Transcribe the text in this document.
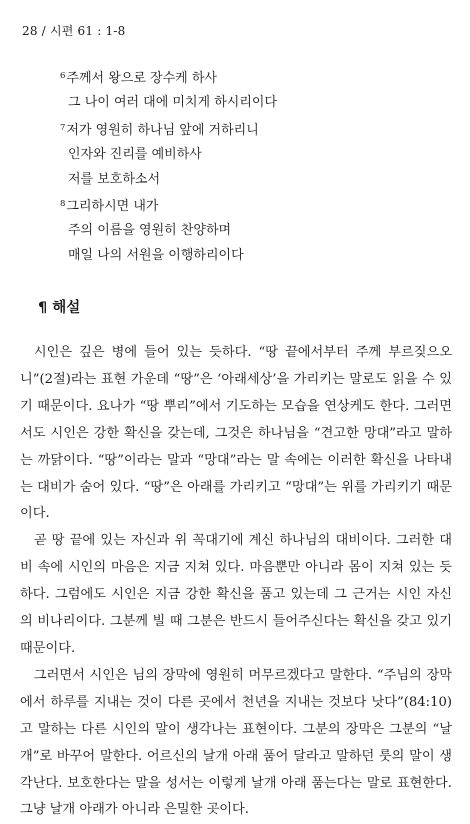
28 / 시편 61 : 1-8
$^6$주께서 왕으로 장수케 하사
그 나이 여러 대에 미치게 하시리이다
$^7$저가 영원히 하나님 앞에 거하리니
인자와 진리를 예비하사
저를 보호하소서
$^8$그리하시면 내가
주의 이름을 영원히 찬양하며
매일 나의 서원을 이행하리이다
¶ 해설

시인은 깊은 병에 들어 있는 듯하다. “땅 끝에서부터 주께 부르짖으오니”(2절)라는 표현 가운데 “땅”은 ‘아래세상’을 가리키는 말로도 읽을 수 있기 때문이다. 요나가 “땅 뿌리”에서 기도하는 모습을 연상케도 한다. 그러면서도 시인은 강한 확신을 갖는데, 그것은 하나님을 “견고한 망대”라고 말하는 까닭이다. “땅”이라는 말과 “망대”라는 말 속에는 이러한 확신을 나타내는 대비가 숨어 있다. “땅”은 아래를 가리키고 “망대”는 위를 가리키기 때문이다.

곧 땅 끝에 있는 자신과 위 꼭대기에 계신 하나님의 대비이다. 그러한 대비 속에 시인의 마음은 지금 지쳐 있다. 마음뿐만 아니라 몸이 지쳐 있는 듯하다. 그럼에도 시인은 지금 강한 확신을 품고 있는데 그 근거는 시인 자신의 비나리이다. 그분께 빌 때 그분은 반드시 들어주신다는 확신을 갖고 있기 때문이다.

그러면서 시인은 님의 장막에 영원히 머무르겠다고 말한다. “주님의 장막에서 하루를 지내는 것이 다른 곳에서 천년을 지내는 것보다 낫다”(84:10)고 말하는 다른 시인의 말이 생각나는 표현이다. 그분의 장막은 그분의 “날개”로 바꾸어 말한다. 어르신의 날개 아래 품어 달라고 말하던 룻의 말이 생각난다. 보호한다는 말을 성서는 이렇게 날개 아래 품는다는 말로 표현한다. 그냥 날개 아래가 아니라 은밀한 곳이다.
